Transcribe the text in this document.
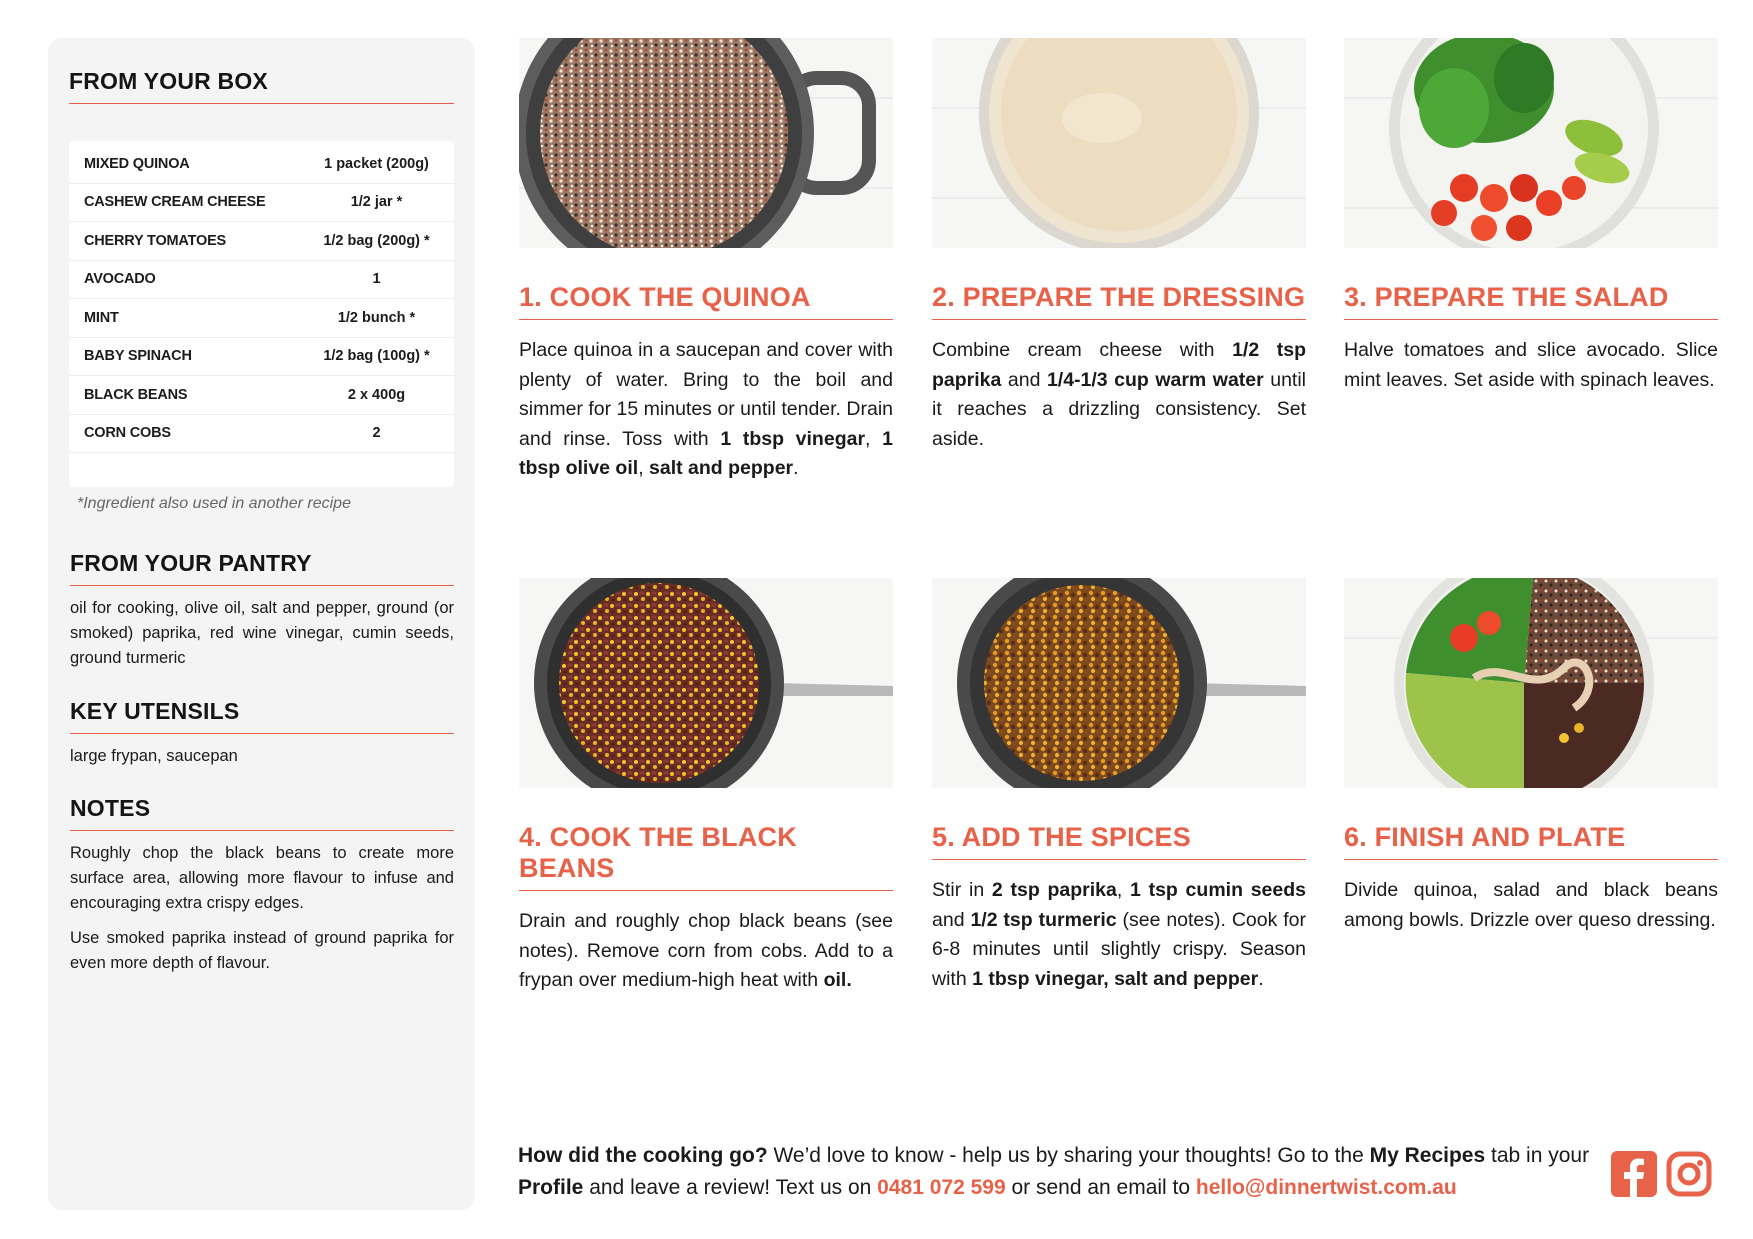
FROM YOUR BOX
MIXED QUINOA	1 packet (200g)
CASHEW CREAM CHEESE	1/2 jar *
CHERRY TOMATOES	1/2 bag (200g) *
AVOCADO	1
MINT	1/2 bunch *
BABY SPINACH	1/2 bag (100g) *
BLACK BEANS	2 x 400g
CORN COBS	2
*Ingredient also used in another recipe
FROM YOUR PANTRY
oil for cooking, olive oil, salt and pepper, ground (or smoked) paprika, red wine vinegar, cumin seeds, ground turmeric
KEY UTENSILS
large frypan, saucepan
NOTES

Roughly chop the black beans to create more surface area, allowing more flavour to infuse and encouraging extra crispy edges.

Use smoked paprika instead of ground paprika for even more depth of flavour.

1. COOK THE QUINOA
Place quinoa in a saucepan and cover with plenty of water. Bring to the boil and simmer for 15 minutes or until tender. Drain and rinse. Toss with 1 tbsp vinegar, 1 tbsp olive oil, salt and pepper.
2. PREPARE THE DRESSING
Combine cream cheese with 1/2 tsp paprika and 1/4-1/3 cup warm water until it reaches a drizzling consistency. Set aside.
3. PREPARE THE SALAD
Halve tomatoes and slice avocado. Slice mint leaves. Set aside with spinach leaves.
4. COOK THE BLACK BEANS
Drain and roughly chop black beans (see notes). Remove corn from cobs. Add to a frypan over medium-high heat with oil.
5. ADD THE SPICES
Stir in 2 tsp paprika, 1 tsp cumin seeds and 1/2 tsp turmeric (see notes). Cook for 6-8 minutes until slightly crispy. Season with 1 tbsp vinegar, salt and pepper.
6. FINISH AND PLATE
Divide quinoa, salad and black beans among bowls. Drizzle over queso dressing.
How did the cooking go? We’d love to know - help us by sharing your thoughts! Go to the My Recipes tab in your Profile and leave a review! Text us on 0481 072 599 or send an email to hello@dinnertwist.com.au
